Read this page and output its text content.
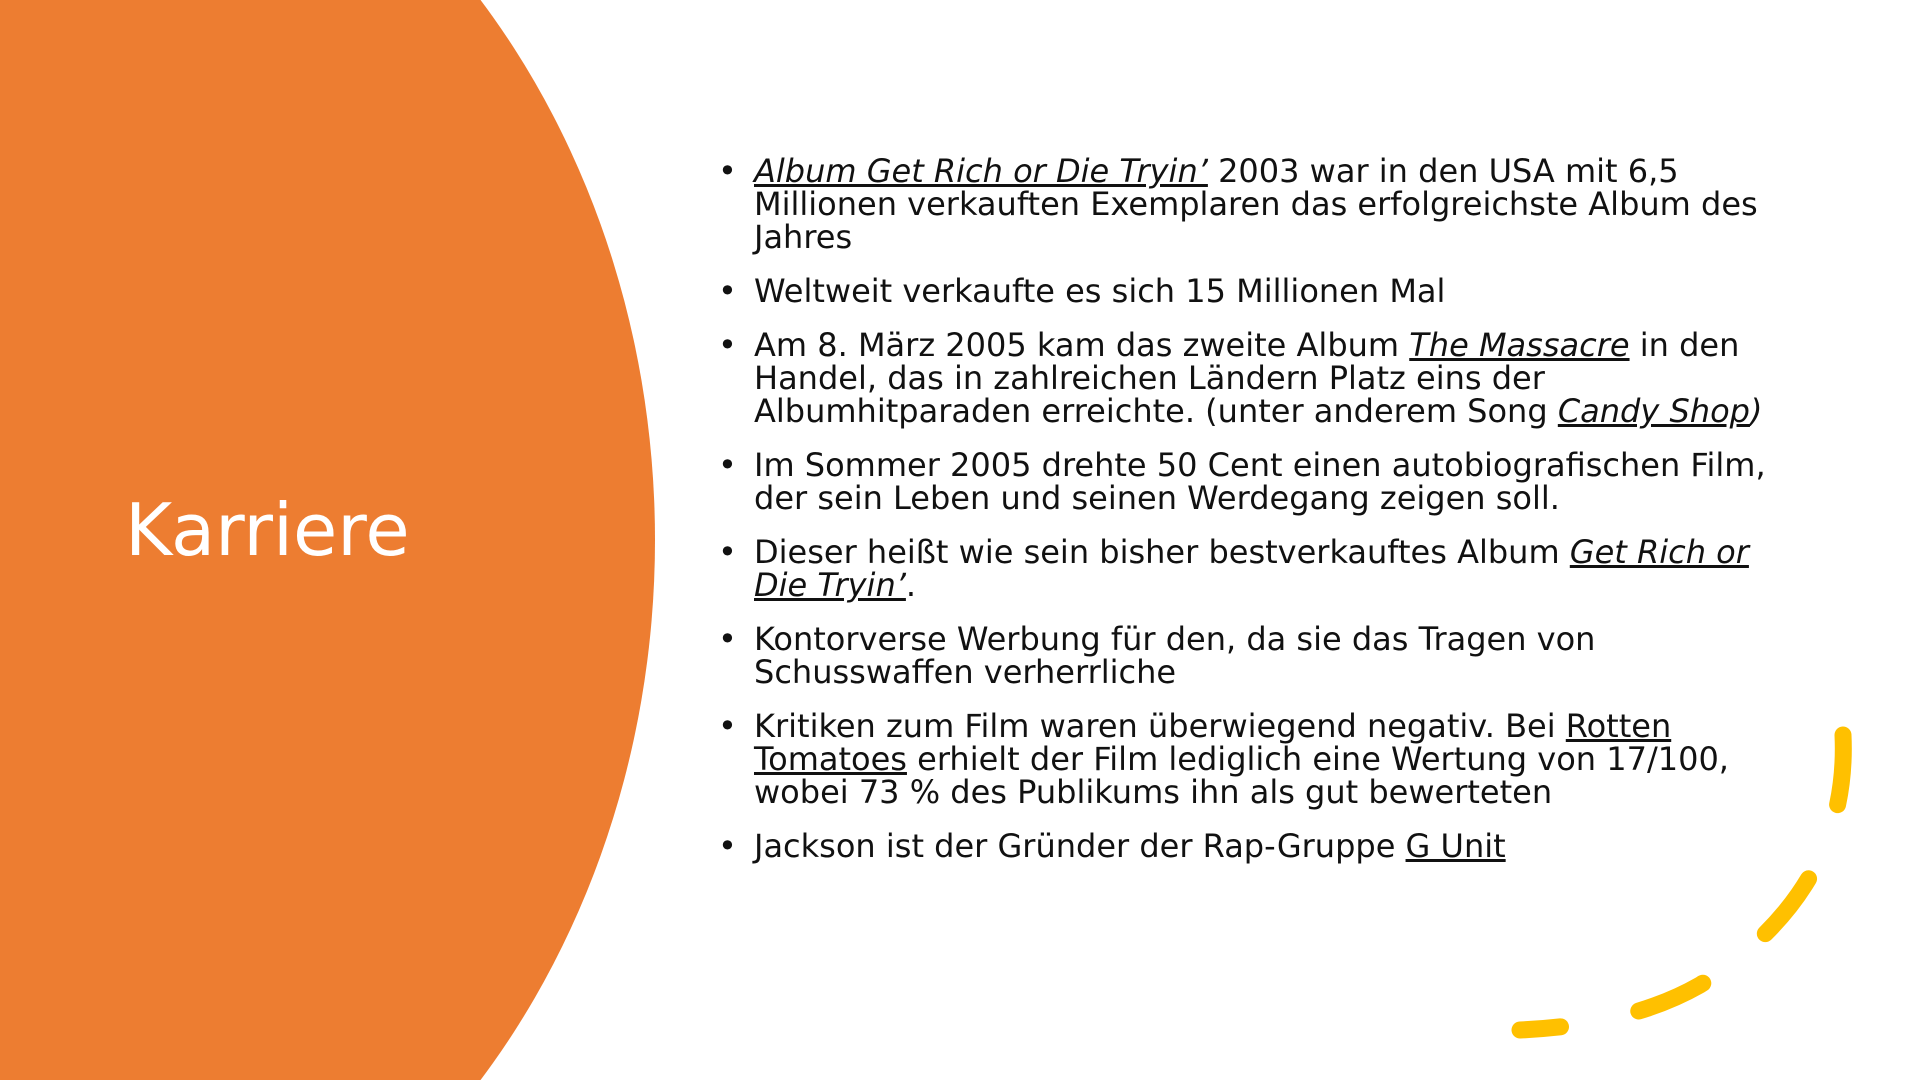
Karriere
• Album Get Rich or Die Tryin’ 2003 war in den USA mit 6,5 Millionen verkauften Exemplaren das erfolgreichste Album des Jahres
• Weltweit verkaufte es sich 15 Millionen Mal
• Am 8. März 2005 kam das zweite Album The Massacre in den Handel, das in zahlreichen Ländern Platz eins der Albumhitparaden erreichte. (unter anderem Song Candy Shop)
• Im Sommer 2005 drehte 50 Cent einen autobiografischen Film, der sein Leben und seinen Werdegang zeigen soll.
• Dieser heißt wie sein bisher bestverkauftes Album Get Rich or Die Tryin’.
• Kontorverse Werbung für den, da sie das Tragen von Schusswaffen verherrliche
• Kritiken zum Film waren überwiegend negativ. Bei Rotten Tomatoes erhielt der Film lediglich eine Wertung von 17/100, wobei 73 % des Publikums ihn als gut bewerteten
• Jackson ist der Gründer der Rap-Gruppe G Unit
